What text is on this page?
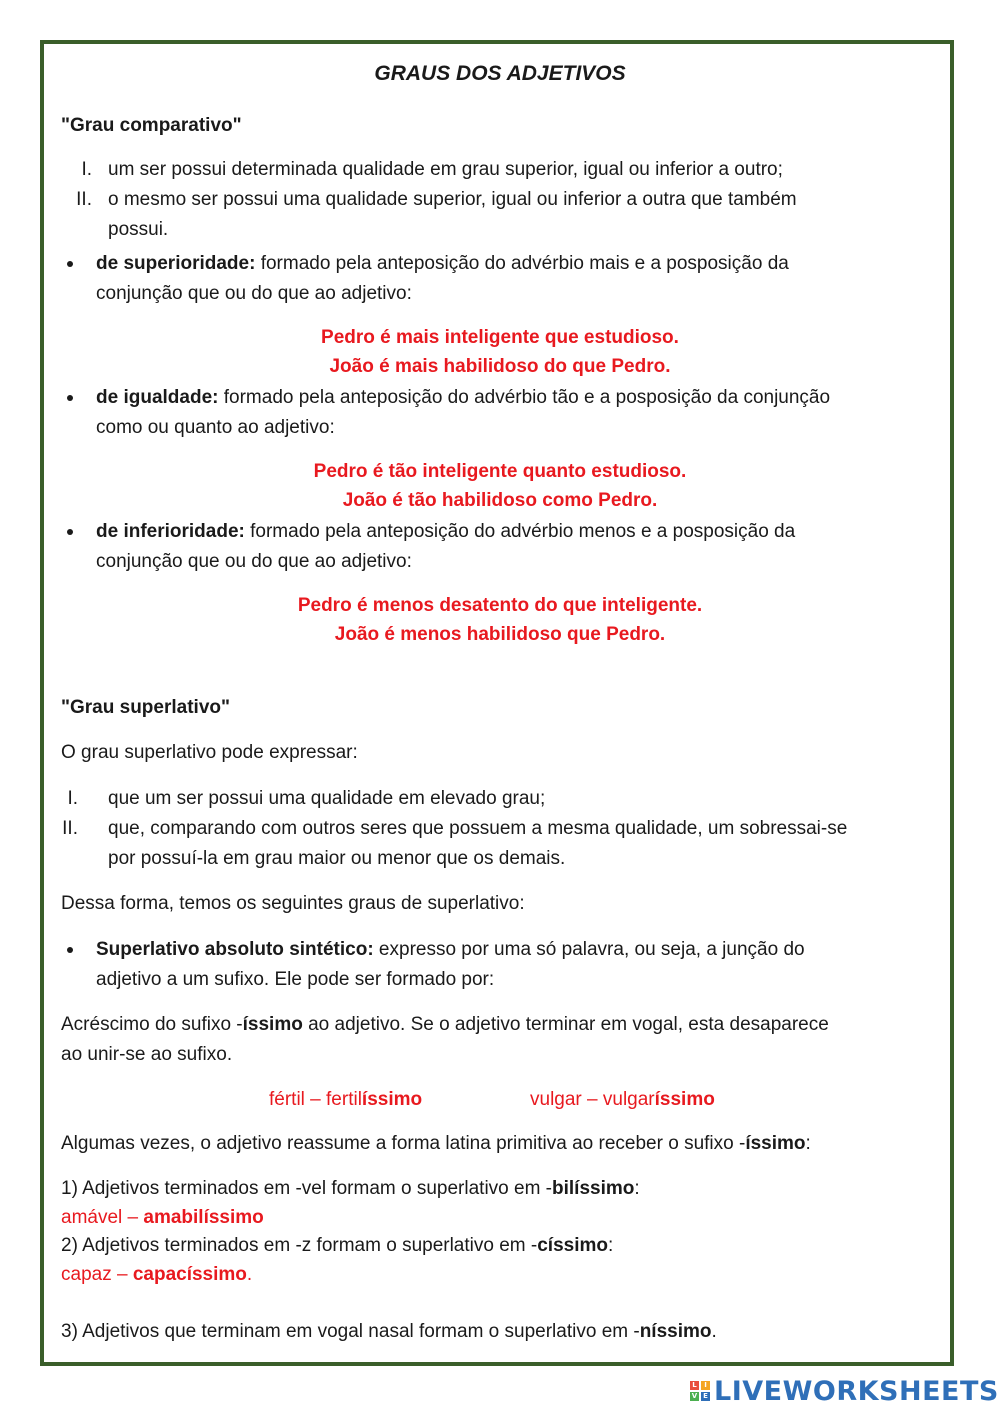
GRAUS DOS ADJETIVOS
"Grau comparativo"
I. um ser possui determinada qualidade em grau superior, igual ou inferior a outro;
II. o mesmo ser possui uma qualidade superior, igual ou inferior a outra que também
possui.
de superioridade: formado pela anteposição do advérbio mais e a posposição da
conjunção que ou do que ao adjetivo:
Pedro é mais inteligente que estudioso.
João é mais habilidoso do que Pedro.
de igualdade: formado pela anteposição do advérbio tão e a posposição da conjunção
como ou quanto ao adjetivo:
Pedro é tão inteligente quanto estudioso.
João é tão habilidoso como Pedro.
de inferioridade: formado pela anteposição do advérbio menos e a posposição da
conjunção que ou do que ao adjetivo:
Pedro é menos desatento do que inteligente.
João é menos habilidoso que Pedro.
"Grau superlativo"
O grau superlativo pode expressar:
I. que um ser possui uma qualidade em elevado grau;
II. que, comparando com outros seres que possuem a mesma qualidade, um sobressai-se
por possuí-la em grau maior ou menor que os demais.
Dessa forma, temos os seguintes graus de superlativo:
Superlativo absoluto sintético: expresso por uma só palavra, ou seja, a junção do
adjetivo a um sufixo. Ele pode ser formado por:
Acréscimo do sufixo -íssimo ao adjetivo. Se o adjetivo terminar em vogal, esta desaparece
ao unir-se ao sufixo.
fértil – fertilíssimo	vulgar – vulgaríssimo
Algumas vezes, o adjetivo reassume a forma latina primitiva ao receber o sufixo -íssimo:
1) Adjetivos terminados em -vel formam o superlativo em -bilíssimo:
amável – amabilíssimo
2) Adjetivos terminados em -z formam o superlativo em -císsimo:
capaz – capacíssimo.
3) Adjetivos que terminam em vogal nasal formam o superlativo em -níssimo.
L	I
V E LIVEWORKSHEETS
